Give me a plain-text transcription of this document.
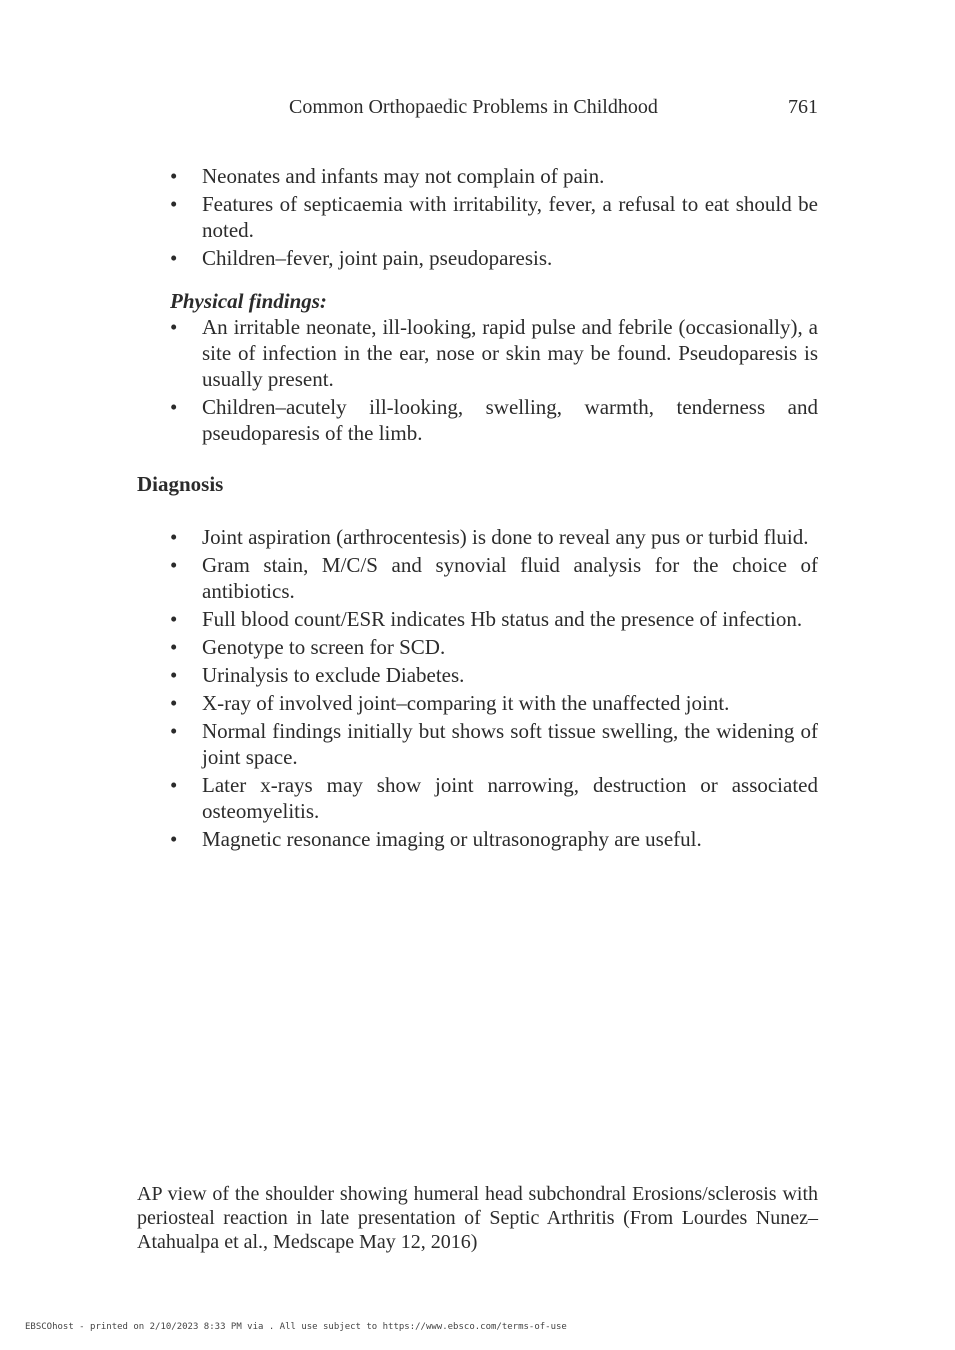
Common Orthopaedic Problems in Childhood	761
• Neonates and infants may not complain of pain.
• Features of septicaemia with irritability, fever, a refusal to eat should be noted.
• Children–fever, joint pain, pseudoparesis.
Physical findings:
• An irritable neonate, ill-looking, rapid pulse and febrile (occasionally), a site of infection in the ear, nose or skin may be found. Pseudoparesis is usually present.
• Children–acutely ill-looking, swelling, warmth, tenderness and pseudoparesis of the limb.
Diagnosis
• Joint aspiration (arthrocentesis) is done to reveal any pus or turbid fluid.
• Gram stain, M/C/S and synovial fluid analysis for the choice of antibiotics.
• Full blood count/ESR indicates Hb status and the presence of infection.
• Genotype to screen for SCD.
• Urinalysis to exclude Diabetes.
• X-ray of involved joint–comparing it with the unaffected joint.
• Normal findings initially but shows soft tissue swelling, the widening of joint space.
• Later x-rays may show joint narrowing, destruction or associated osteomyelitis.
• Magnetic resonance imaging or ultrasonography are useful.
AP view of the shoulder showing humeral head subchondral Erosions/sclerosis with periosteal reaction in late presentation of Septic Arthritis (From Lourdes Nunez–Atahualpa et al., Medscape May 12, 2016)
EBSCOhost - printed on 2/10/2023 8:33 PM via . All use subject to https://www.ebsco.com/terms-of-use
